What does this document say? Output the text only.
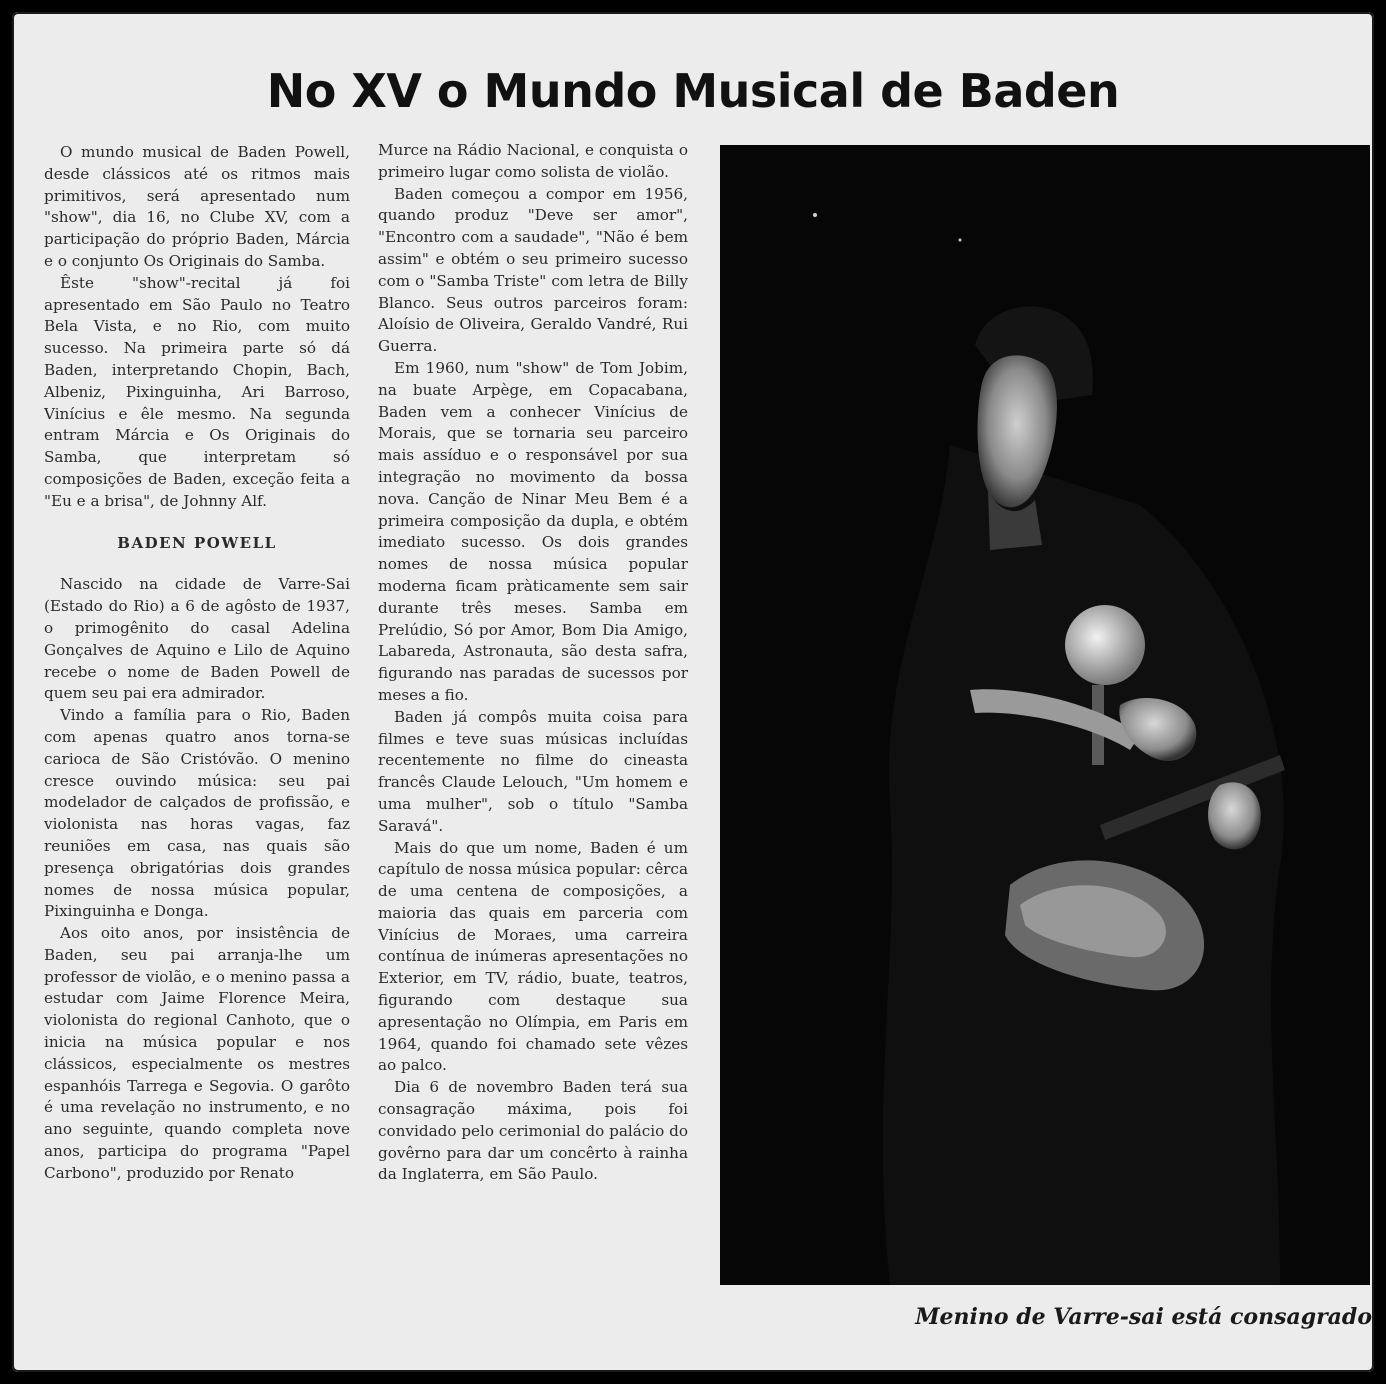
No XV o Mundo Musical de Baden

O mundo musical de Baden Powell, desde clássicos até os ritmos mais primitivos, será apresentado num "show", dia 16, no Clube XV, com a participação do próprio Baden, Márcia e o conjunto Os Originais do Samba.

Êste "show"-recital já foi apresentado em São Paulo no Teatro Bela Vista, e no Rio, com muito sucesso. Na primeira parte só dá Baden, interpretando Chopin, Bach, Albeniz, Pixinguinha, Ari Barroso, Vinícius e êle mesmo. Na segunda entram Márcia e Os Originais do Samba, que interpretam só composições de Baden, exceção feita a "Eu e a brisa", de Johnny Alf.

BADEN POWELL

Nascido na cidade de Varre-Sai (Estado do Rio) a 6 de agôsto de 1937, o primogênito do casal Adelina Gonçalves de Aquino e Lilo de Aquino recebe o nome de Baden Powell de quem seu pai era admirador.

Vindo a família para o Rio, Baden com apenas quatro anos torna-se carioca de São Cristóvão. O menino cresce ouvindo música: seu pai modelador de calçados de profissão, e violonista nas horas vagas, faz reuniões em casa, nas quais são presença obrigatórias dois grandes nomes de nossa música popular, Pixinguinha e Donga.

Aos oito anos, por insistência de Baden, seu pai arranja-lhe um professor de violão, e o menino passa a estudar com Jaime Florence Meira, violonista do regional Canhoto, que o inicia na música popular e nos clássicos, especialmente os mestres espanhóis Tarrega e Segovia. O garôto é uma revelação no instrumento, e no ano seguinte, quando completa nove anos, participa do programa "Papel Carbono", produzido por Renato

Murce na Rádio Nacional, e conquista o primeiro lugar como solista de violão.

Baden começou a compor em 1956, quando produz "Deve ser amor", "Encontro com a saudade", "Não é bem assim" e obtém o seu primeiro sucesso com o "Samba Triste" com letra de Billy Blanco. Seus outros parceiros foram: Aloísio de Oliveira, Geraldo Vandré, Rui Guerra.

Em 1960, num "show" de Tom Jobim, na buate Arpège, em Copacabana, Baden vem a conhecer Vinícius de Morais, que se tornaria seu parceiro mais assíduo e o responsável por sua integração no movimento da bossa nova. Canção de Ninar Meu Bem é a primeira composição da dupla, e obtém imediato sucesso. Os dois grandes nomes de nossa música popular moderna ficam pràticamente sem sair durante três meses. Samba em Prelúdio, Só por Amor, Bom Dia Amigo, Labareda, Astronauta, são desta safra, figurando nas paradas de sucessos por meses a fio.

Baden já compôs muita coisa para filmes e teve suas músicas incluídas recentemente no filme do cineasta francês Claude Lelouch, "Um homem e uma mulher", sob o título "Samba Saravá".

Mais do que um nome, Baden é um capítulo de nossa música popular: cêrca de uma centena de composições, a maioria das quais em parceria com Vinícius de Moraes, uma carreira contínua de inúmeras apresentações no Exterior, em TV, rádio, buate, teatros, figurando com destaque sua apresentação no Olímpia, em Paris em 1964, quando foi chamado sete vêzes ao palco.

Dia 6 de novembro Baden terá sua consagração máxima, pois foi convidado pelo cerimonial do palácio do govêrno para dar um concêrto à rainha da Inglaterra, em São Paulo.

Menino de Varre-sai está consagrado
